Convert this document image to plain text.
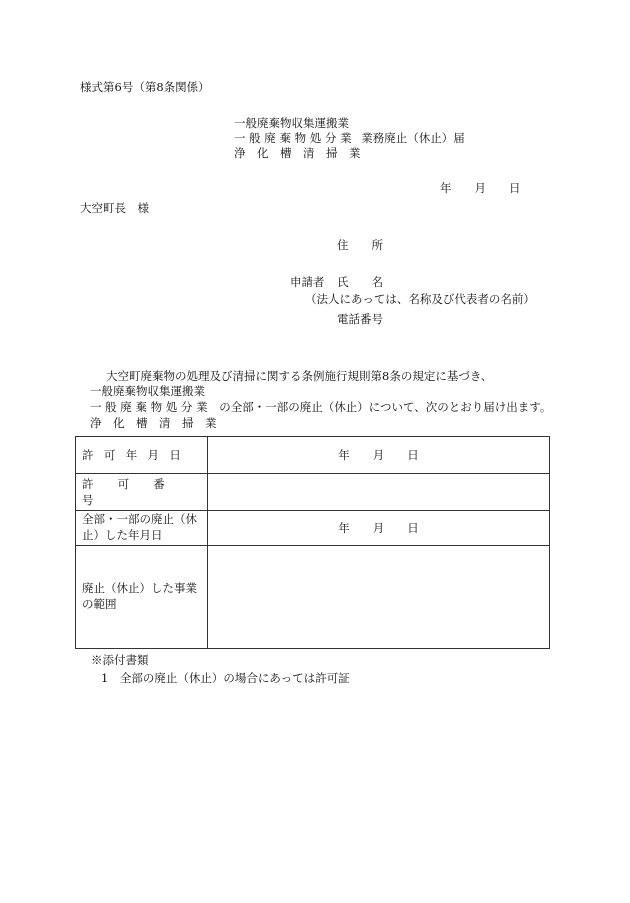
様式第6号（第8条関係）
一般廃棄物収集運搬業
一 般 廃 棄 物 処 分 業 業務廃止（休止）届
浄　化　槽　清　掃　業
年　　月　　日
大空町長　様
住　　所
申請者 氏　　名
（法人にあっては、名称及び代表者の名前）
電話番号
大空町廃棄物の処理及び清掃に関する条例施行規則第8条の規定に基づき、
一般廃棄物収集運搬業
一 般 廃 棄 物 処 分 業 の全部・一部の廃止（休止）について、次のとおり届け出ます。
浄　化　槽　清　掃　業
許可年月日	年　　月　　日
許可番号	
全部・一部の廃止（休止）した年月日	年　　月　　日
廃止（休止）した事業の範囲	
※添付書類
1　全部の廃止（休止）の場合にあっては許可証
